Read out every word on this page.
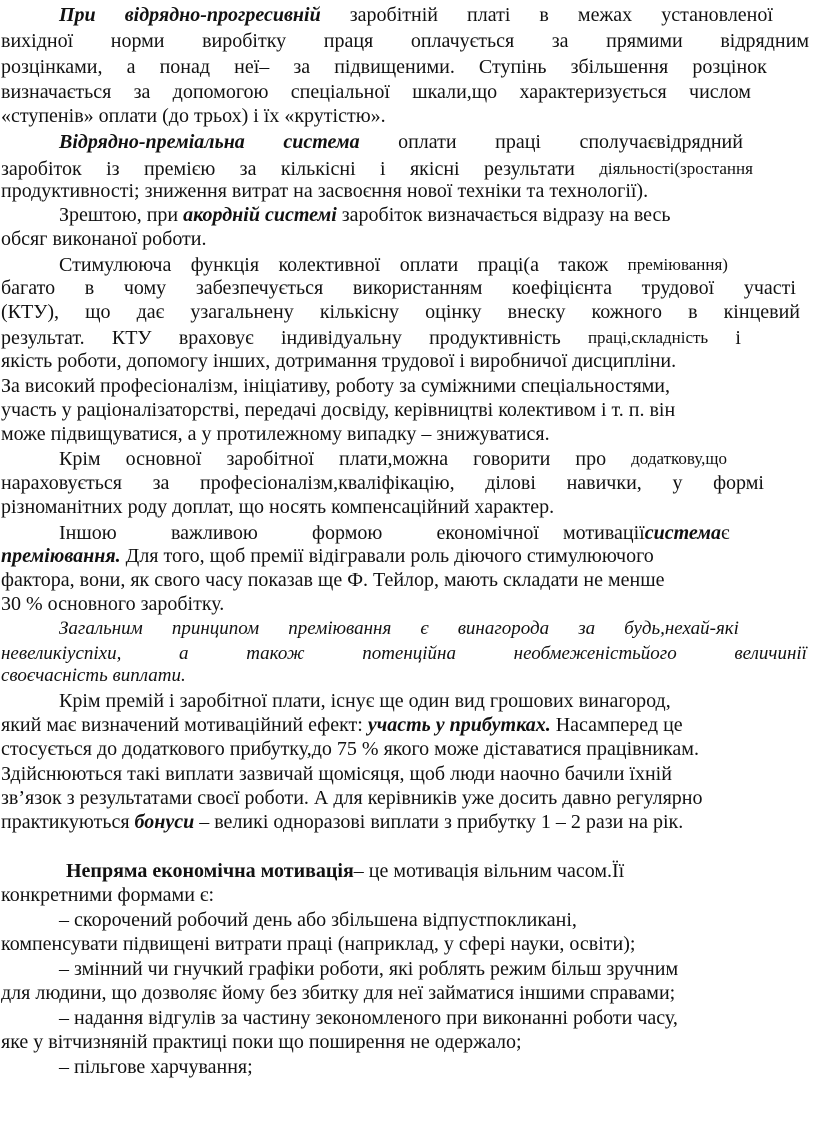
При відрядно-прогресивній заробітній платі в межах установленої
вихідної норми виробітку праця оплачується за прямими відрядним
розцінками, а понад неї– за підвищеними. Ступінь збільшення розцінок
визначається за допомогою спеціальної шкали,що характеризується числом
«ступенів» оплати (до трьох) і їх «крутістю».
Відрядно-преміальна система оплати праці сполучаєвідрядний
заробіток із премією за кількісні і якісні результати діяльності(зростання
продуктивності; зниження витрат на засвоєння нової техніки та технології).
Зрештою, при акордній системі заробіток визначається відразу на весь
обсяг виконаної роботи.
Стимулююча функція колективної оплати праці(а також преміювання)
багато в чому забезпечується використанням коефіцієнта трудової участі
(КТУ), що дає узагальнену кількісну оцінку внеску кожного в кінцевий
результат. КТУ враховує індивідуальну продуктивність праці,складність і
якість роботи, допомогу інших, дотримання трудової і виробничої дисципліни.
За високий професіоналізм, ініціативу, роботу за суміжними спеціальностями,
участь у раціоналізаторстві, передачі досвіду, керівництві колективом і т. п. він
може підвищуватися, а у протилежному випадку – знижуватися.
Крім основної заробітної плати,можна говорити про додаткову,що
нараховується за професіоналізм,кваліфікацію, ділові навички, у формі
різноманітних роду доплат, що носять компенсаційний характер.
Іншою	важливою	формою	економічної мотиваціїсистемає
преміювання. Для того, щоб премії відігравали роль діючого стимулюючого
фактора, вони, як свого часу показав ще Ф. Тейлор, мають складати не менше
30 % основного заробітку.
Загальним принципом преміювання є винагорода за будь,нехай-які
невеликіуспіхи,	а	також	потенційна	необмеженістьйого	величинії
своєчасність виплати.
Крім премій і заробітної плати, існує ще один вид грошових винагород,
який має визначений мотиваційний ефект: участь у прибутках. Насамперед це
стосується до додаткового прибутку,до 75 % якого може діставатися працівникам.
Здійснюються такі виплати зазвичай щомісяця, щоб люди наочно бачили їхній
зв’язок з результатами своєї роботи. А для керівників уже досить давно регулярно
практикуються бонуси – великі одноразові виплати з прибутку 1 – 2 рази на рік.
Непряма економічна мотивація– це мотивація вільним часом.Її
конкретними формами є:
– скорочений робочий день або збільшена відпустпокликані,
компенсувати підвищені витрати праці (наприклад, у сфері науки, освіти);
– змінний чи гнучкий графіки роботи, які роблять режим більш зручним
для людини, що дозволяє йому без збитку для неї займатися іншими справами;
– надання відгулів за частину зекономленого при виконанні роботи часу,
яке у вітчизняній практиці поки що поширення не одержало;
– пільгове харчування;
